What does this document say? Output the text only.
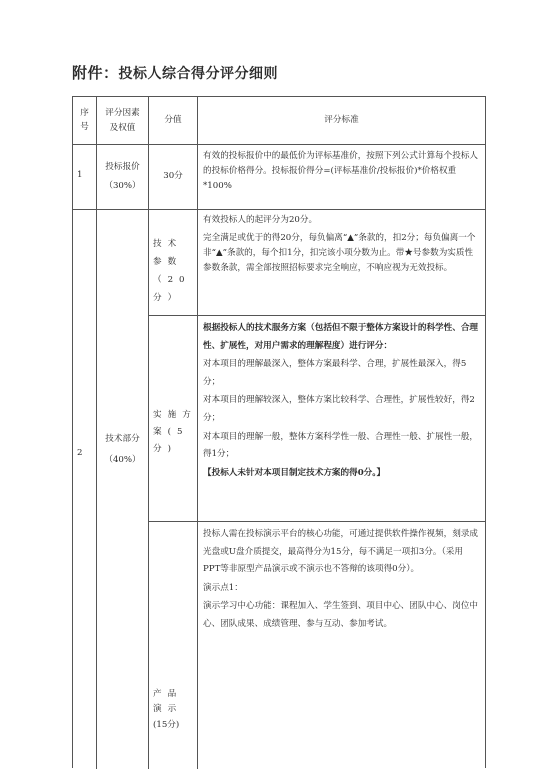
附件：投标人综合得分评分细则
序号
评分因素及权值
分值	评分标准
1
投标报价
（30%）
30分
有效的投标报价中的最低价为评标基准价，按照下列公式计算每个投标人的投标价格得分。投标报价得分=(评标基准价/投标报价)*价格权重*100%
2
技术部分
（40%）
技术参数（20分）

有效投标人的起评分为20分。

完全满足或优于的得20分，每负偏离“▲”条款的，扣2分；每负偏离一个非“▲”条款的，每个扣1分，扣完该小项分数为止。带★号参数为实质性参数条款，需全部按照招标要求完全响应，不响应视为无效投标。

实施方案(5分)

根据投标人的技术服务方案（包括但不限于整体方案设计的科学性、合理性、扩展性，对用户需求的理解程度）进行评分：

对本项目的理解最深入，整体方案最科学、合理，扩展性最深入，得5分；

对本项目的理解较深入，整体方案比较科学、合理性，扩展性较好，得2分；

对本项目的理解一般，整体方案科学性一般、合理性一般、扩展性一般，得1分；

【投标人未针对本项目制定技术方案的得0分。】

产品演示
(15分)

投标人需在投标演示平台的核心功能，可通过提供软件操作视频，刻录成光盘或U盘介质提交，最高得分为15分，每不满足一项扣3分。（采用PPT等非原型产品演示或不演示也不答辩的该项得0分）。

演示点1：

演示学习中心功能：课程加入、学生签到、项目中心、团队中心、岗位中心、团队成果、成绩管理、参与互动、参加考试。
